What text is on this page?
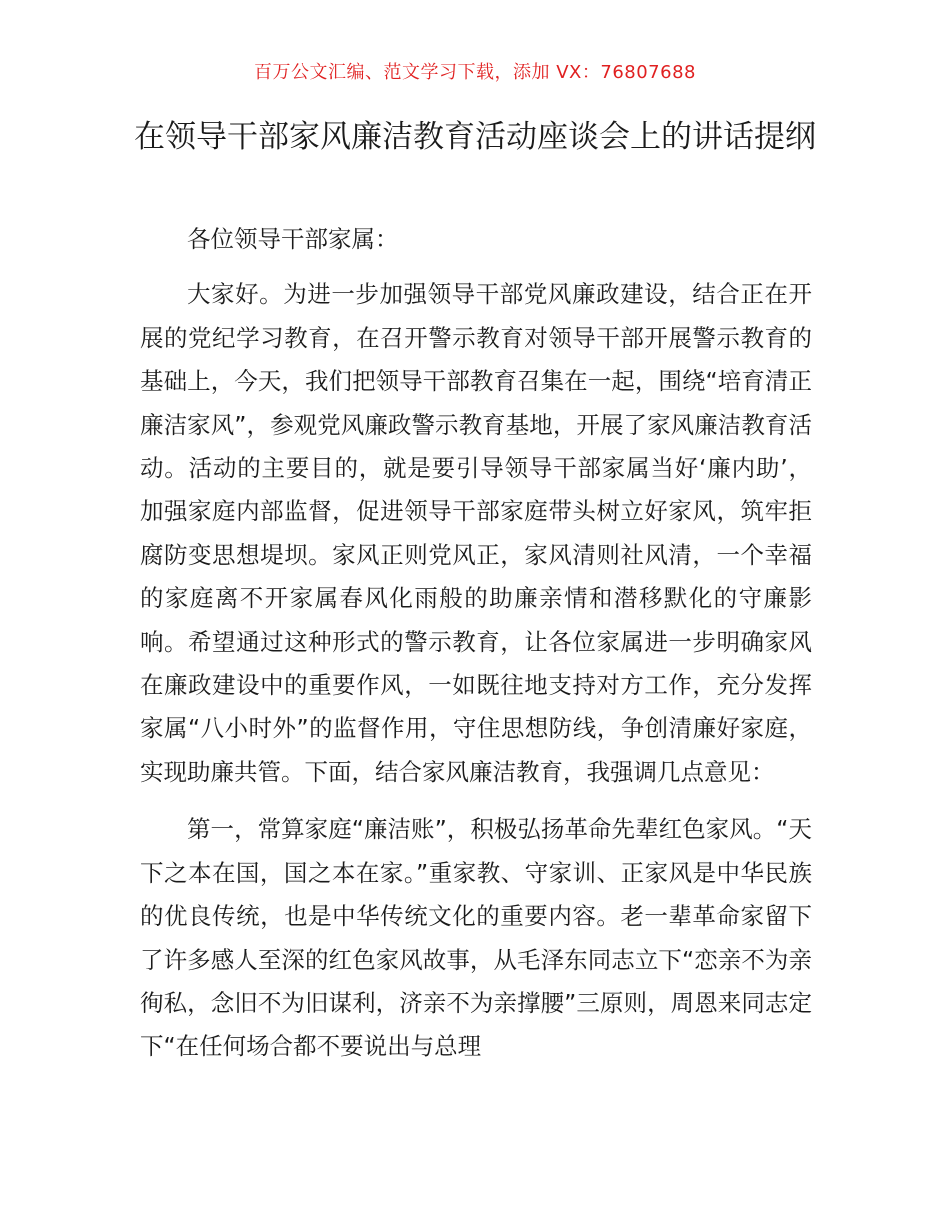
百万公文汇编、范文学习下载，添加 VX：76807688
在领导干部家风廉洁教育活动座谈会上的讲话提纲

各位领导干部家属：

大家好。为进一步加强领导干部党风廉政建设，结合正在开展的党纪学习教育，在召开警示教育对领导干部开展警示教育的基础上，今天，我们把领导干部教育召集在一起，围绕“培育清正廉洁家风”，参观党风廉政警示教育基地，开展了家风廉洁教育活动。活动的主要目的，就是要引导领导干部家属当好‘廉内助’，加强家庭内部监督，促进领导干部家庭带头树立好家风，筑牢拒腐防变思想堤坝。家风正则党风正，家风清则社风清，一个幸福的家庭离不开家属春风化雨般的助廉亲情和潜移默化的守廉影响。希望通过这种形式的警示教育，让各位家属进一步明确家风在廉政建设中的重要作风，一如既往地支持对方工作，充分发挥家属“八小时外”的监督作用，守住思想防线，争创清廉好家庭，实现助廉共管。下面，结合家风廉洁教育，我强调几点意见：

第一，常算家庭“廉洁账”，积极弘扬革命先辈红色家风。“天下之本在国，国之本在家。”重家教、守家训、正家风是中华民族的优良传统，也是中华传统文化的重要内容。老一辈革命家留下了许多感人至深的红色家风故事，从毛泽东同志立下“恋亲不为亲徇私，念旧不为旧谋利，济亲不为亲撑腰”三原则，周恩来同志定下“在任何场合都不要说出与总理
